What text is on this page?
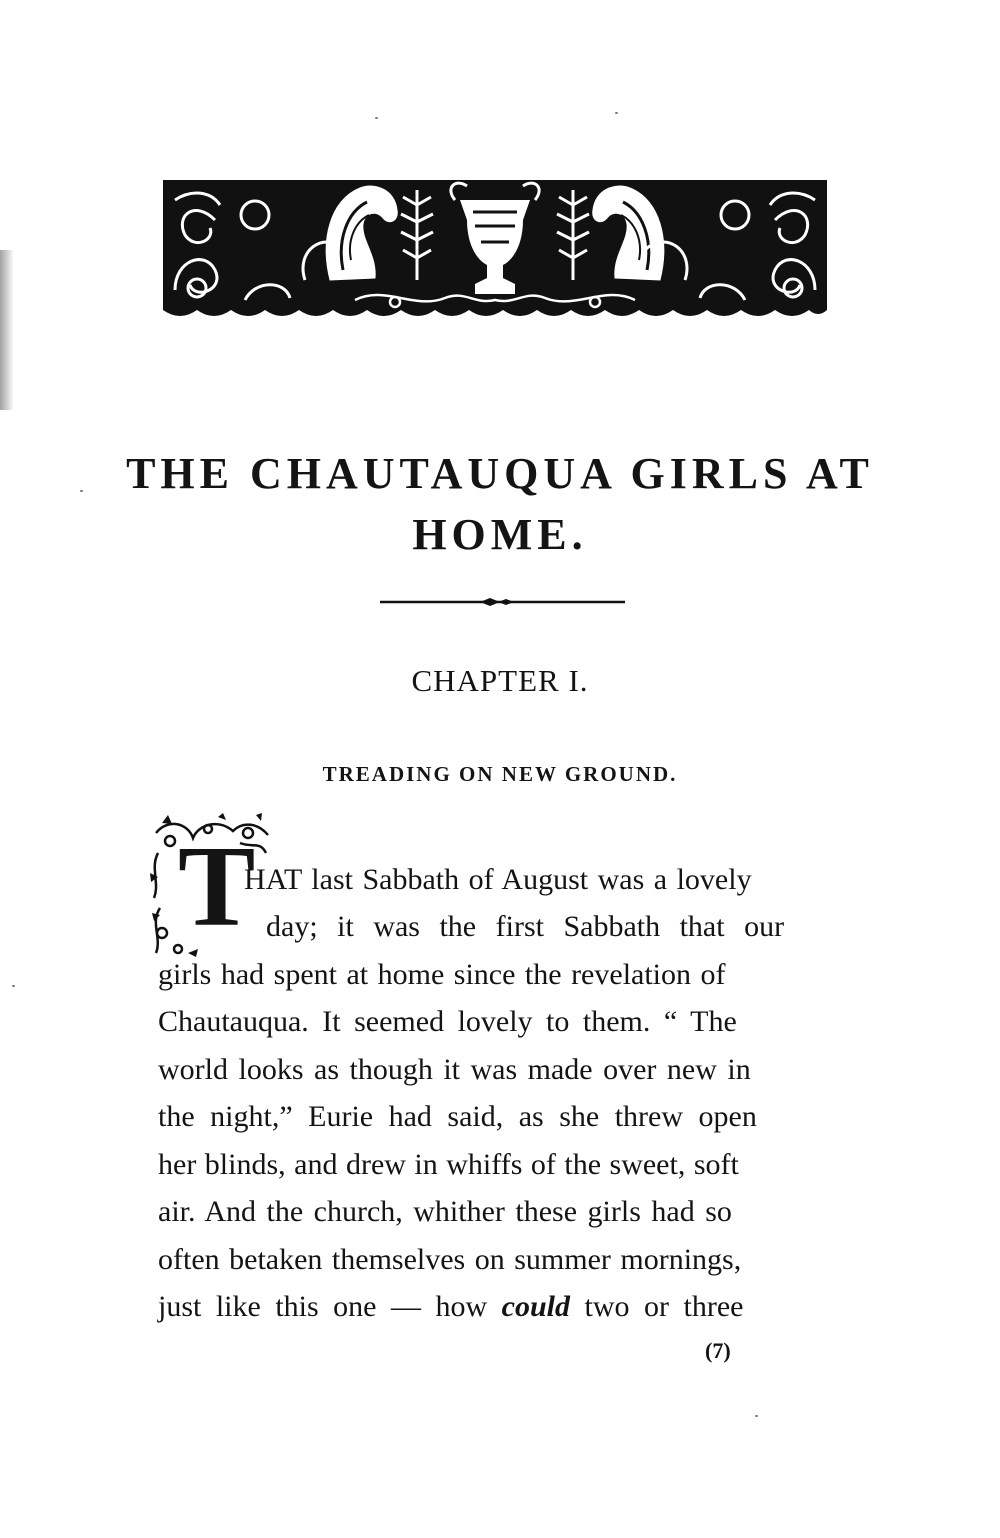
THE CHAUTAUQUA GIRLS AT
HOME.
CHAPTER I.
TREADING ON NEW GROUND.
T

HAT last Sabbath of August was a lovely

day; it was the first Sabbath that our

girls had spent at home since the revelation of

Chautauqua. It seemed lovely to them. “ The

world looks as though it was made over new in

the night,” Eurie had said, as she threw open

her blinds, and drew in whiffs of the sweet, soft

air. And the church, whither these girls had so

often betaken themselves on summer mornings,

just like this one — how could two or three

(7)
